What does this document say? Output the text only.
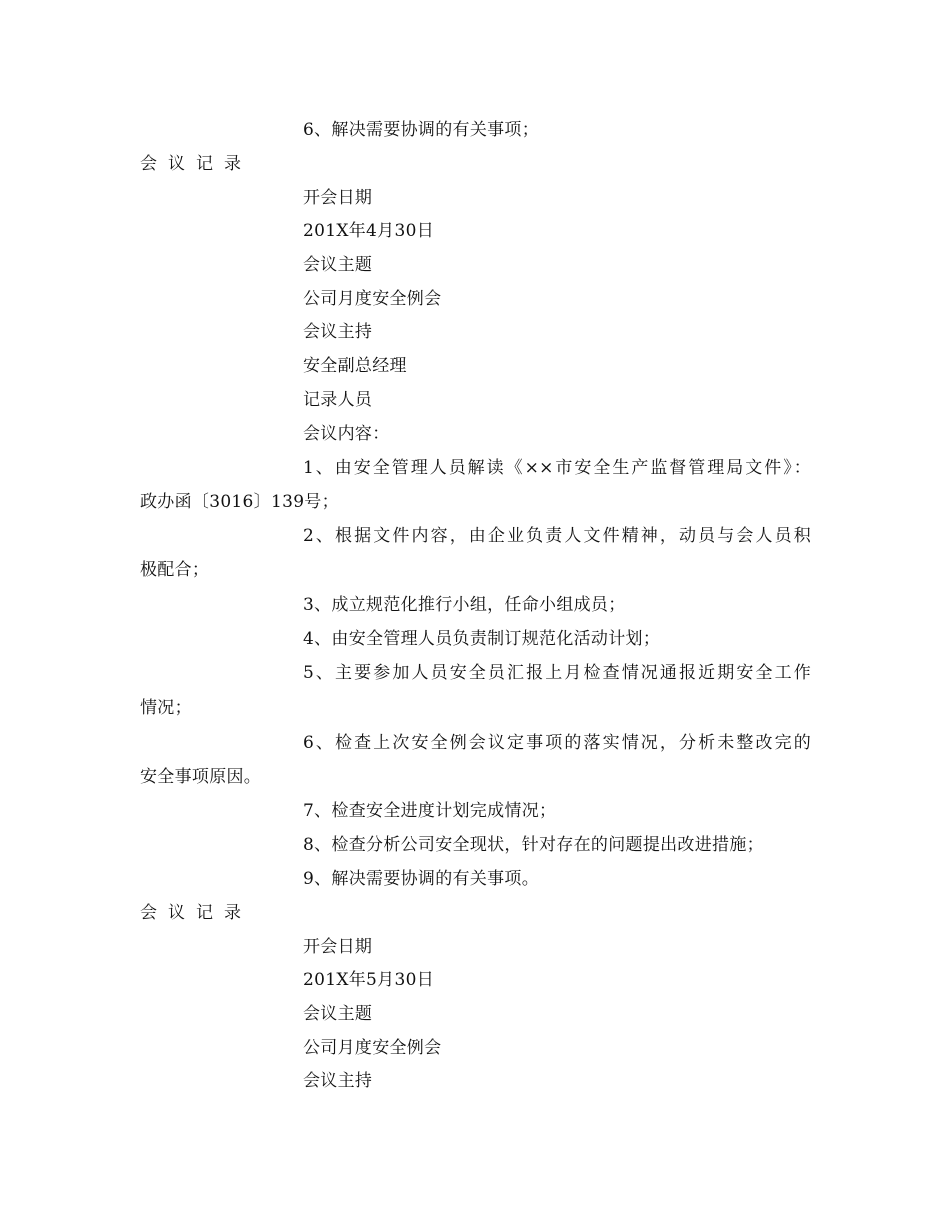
6、解决需要协调的有关事项；
会议记录
开会日期
201X年4月30日
会议主题
公司月度安全例会
会议主持
安全副总经理
记录人员
会议内容：
1、由安全管理人员解读《××市安全生产监督管理局文件》：
政办函〔3016〕139号；
2、根据文件内容，由企业负责人文件精神，动员与会人员积
极配合；
3、成立规范化推行小组，任命小组成员；
4、由安全管理人员负责制订规范化活动计划；
5、主要参加人员安全员汇报上月检查情况通报近期安全工作
情况；
6、检查上次安全例会议定事项的落实情况，分析未整改完的
安全事项原因。
7、检查安全进度计划完成情况；
8、检查分析公司安全现状，针对存在的问题提出改进措施；
9、解决需要协调的有关事项。
会议记录
开会日期
201X年5月30日
会议主题
公司月度安全例会
会议主持
